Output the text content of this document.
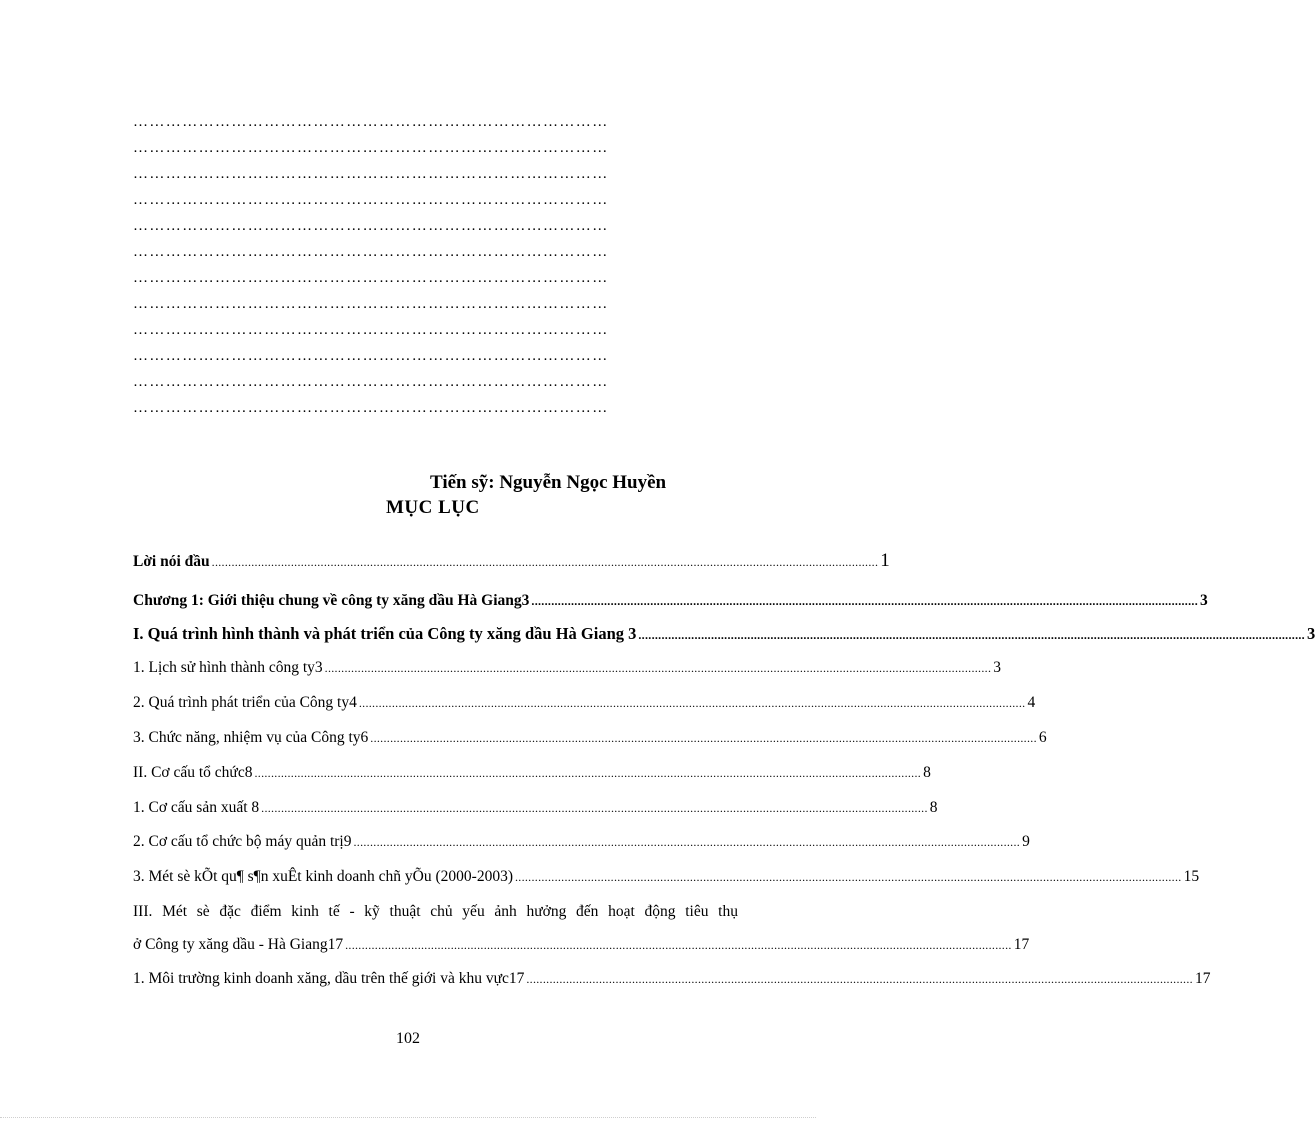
……………………………………………………………………………
……………………………………………………………………………
……………………………………………………………………………
……………………………………………………………………………
……………………………………………………………………………
……………………………………………………………………………
……………………………………………………………………………
……………………………………………………………………………
……………………………………………………………………………
……………………………………………………………………………
……………………………………………………………………………
……………………………………………………………………………
Tiến sỹ: Nguyễn Ngọc Huyền
MỤC LỤC
Lời nói đầu .......................................................................................................................................................................................................... 1
Chương 1: Giới thiệu chung về công ty xăng dầu Hà Giang3 .......................................................................................................................................................................................................... 3
I. Quá trình hình thành và phát triển của Công ty xăng dầu Hà Giang 3 .......................................................................................................................................................................................................... 3
1. Lịch sử hình thành công ty3 .......................................................................................................................................................................................................... 3
2. Quá trình phát triển của Công ty4 .......................................................................................................................................................................................................... 4
3. Chức năng, nhiệm vụ của Công ty6 .......................................................................................................................................................................................................... 6
II. Cơ cấu tổ chức8 .......................................................................................................................................................................................................... 8
1. Cơ cấu sản xuất 8 .......................................................................................................................................................................................................... 8
2. Cơ cấu tổ chức bộ máy quản trị9 .......................................................................................................................................................................................................... 9
3. Mét sè kÕt qu¶ s¶n xuÊt kinh doanh chñ yÕu (2000-2003) .......................................................................................................................................................................................................... 15
III. Mét sè đặc điểm kinh tế - kỹ thuật chủ yếu ảnh hưởng đến hoạt động tiêu thụ
ở Công ty xăng dầu - Hà Giang17 .......................................................................................................................................................................................................... 17
1. Môi trường kinh doanh xăng, dầu trên thế giới và khu vực17 .......................................................................................................................................................................................................... 17
102
